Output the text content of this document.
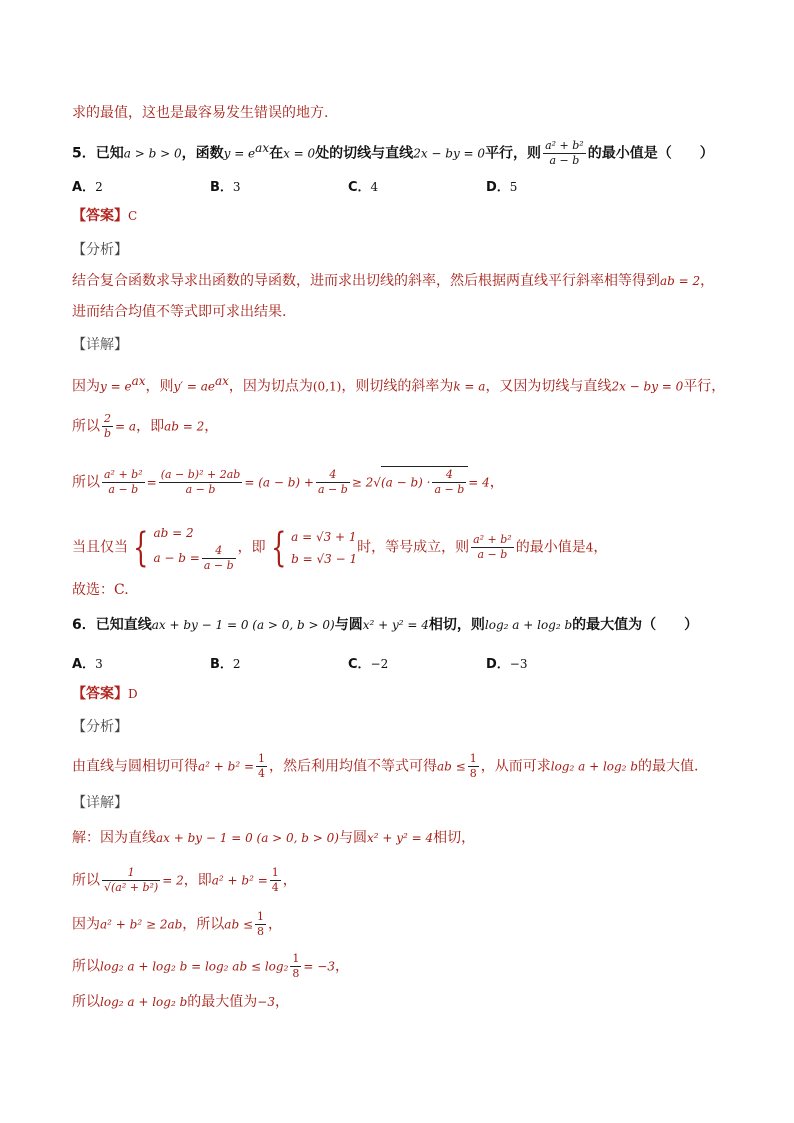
求的最值，这也是最容易发生错误的地方.
5．已知a > b > 0，函数$y = e^{ax}$在x = 0处的切线与直线2x − by = 0平行，则 $\frac{\text{a² + b²}}{a - b}$ 的最小值是（　　）
A．2	B．3	C．4	D．5
【答案】C
【分析】
结合复合函数求导求出函数的导函数，进而求出切线的斜率，然后根据两直线平行斜率相等得到ab = 2，
进而结合均值不等式即可求出结果.
【详解】
因为$y = e^{ax}$，则$y' = ae^{ax}$，因为切点为(0,1)，则切线的斜率为k = a，又因为切线与直线2x − by = 0平行，
所以 $\frac{2}{b} = a$，即ab = 2，
所以 $\frac{\text{a² + b²}}{a - b} = \frac{\text{(a − b)² + 2ab}}{a - b} = (a - b) + \frac{4}{a - b} \ge 2√(a - b) \cdot \frac{4}{a - b} = 4$，
当且仅当 { ab = 2
$a - b = \frac{4}{a - b}$ ，即 { a = √3 + 1
b = √3 − 1
时，等号成立，则 $\frac{\text{a² + b²}}{a - b}$ 的最小值是4，
故选：C.
6．已知直线ax + by − 1 = 0 (a > 0, b > 0)与圆x² + y² = 4相切，则log₂ a + log₂ b的最大值为（　　）
A．3	B．2	C．−2	D．−3
【答案】D
【分析】
由直线与圆相切可得$a^2 + b^2 = \frac{1}{4}$ ，然后利用均值不等式可得ab ≤ $\frac{1}{8}$ ，从而可求log₂ a + log₂ b的最大值.
【详解】
解：因为直线ax + by − 1 = 0 (a > 0, b > 0)与圆x² + y² = 4相切，
所以 $\frac{1}{\text{√(a² + b²)}} = 2$，即$a^2 + b^2 = \frac{1}{4}$ ，
因为a² + b² ≥ 2ab，所以ab ≤ $\frac{1}{8}$ ，
所以log₂ a + log₂ b = log₂ ab ≤ $\log_2 \frac{1}{8} = -3$，
所以log₂ a + log₂ b的最大值为−3，
